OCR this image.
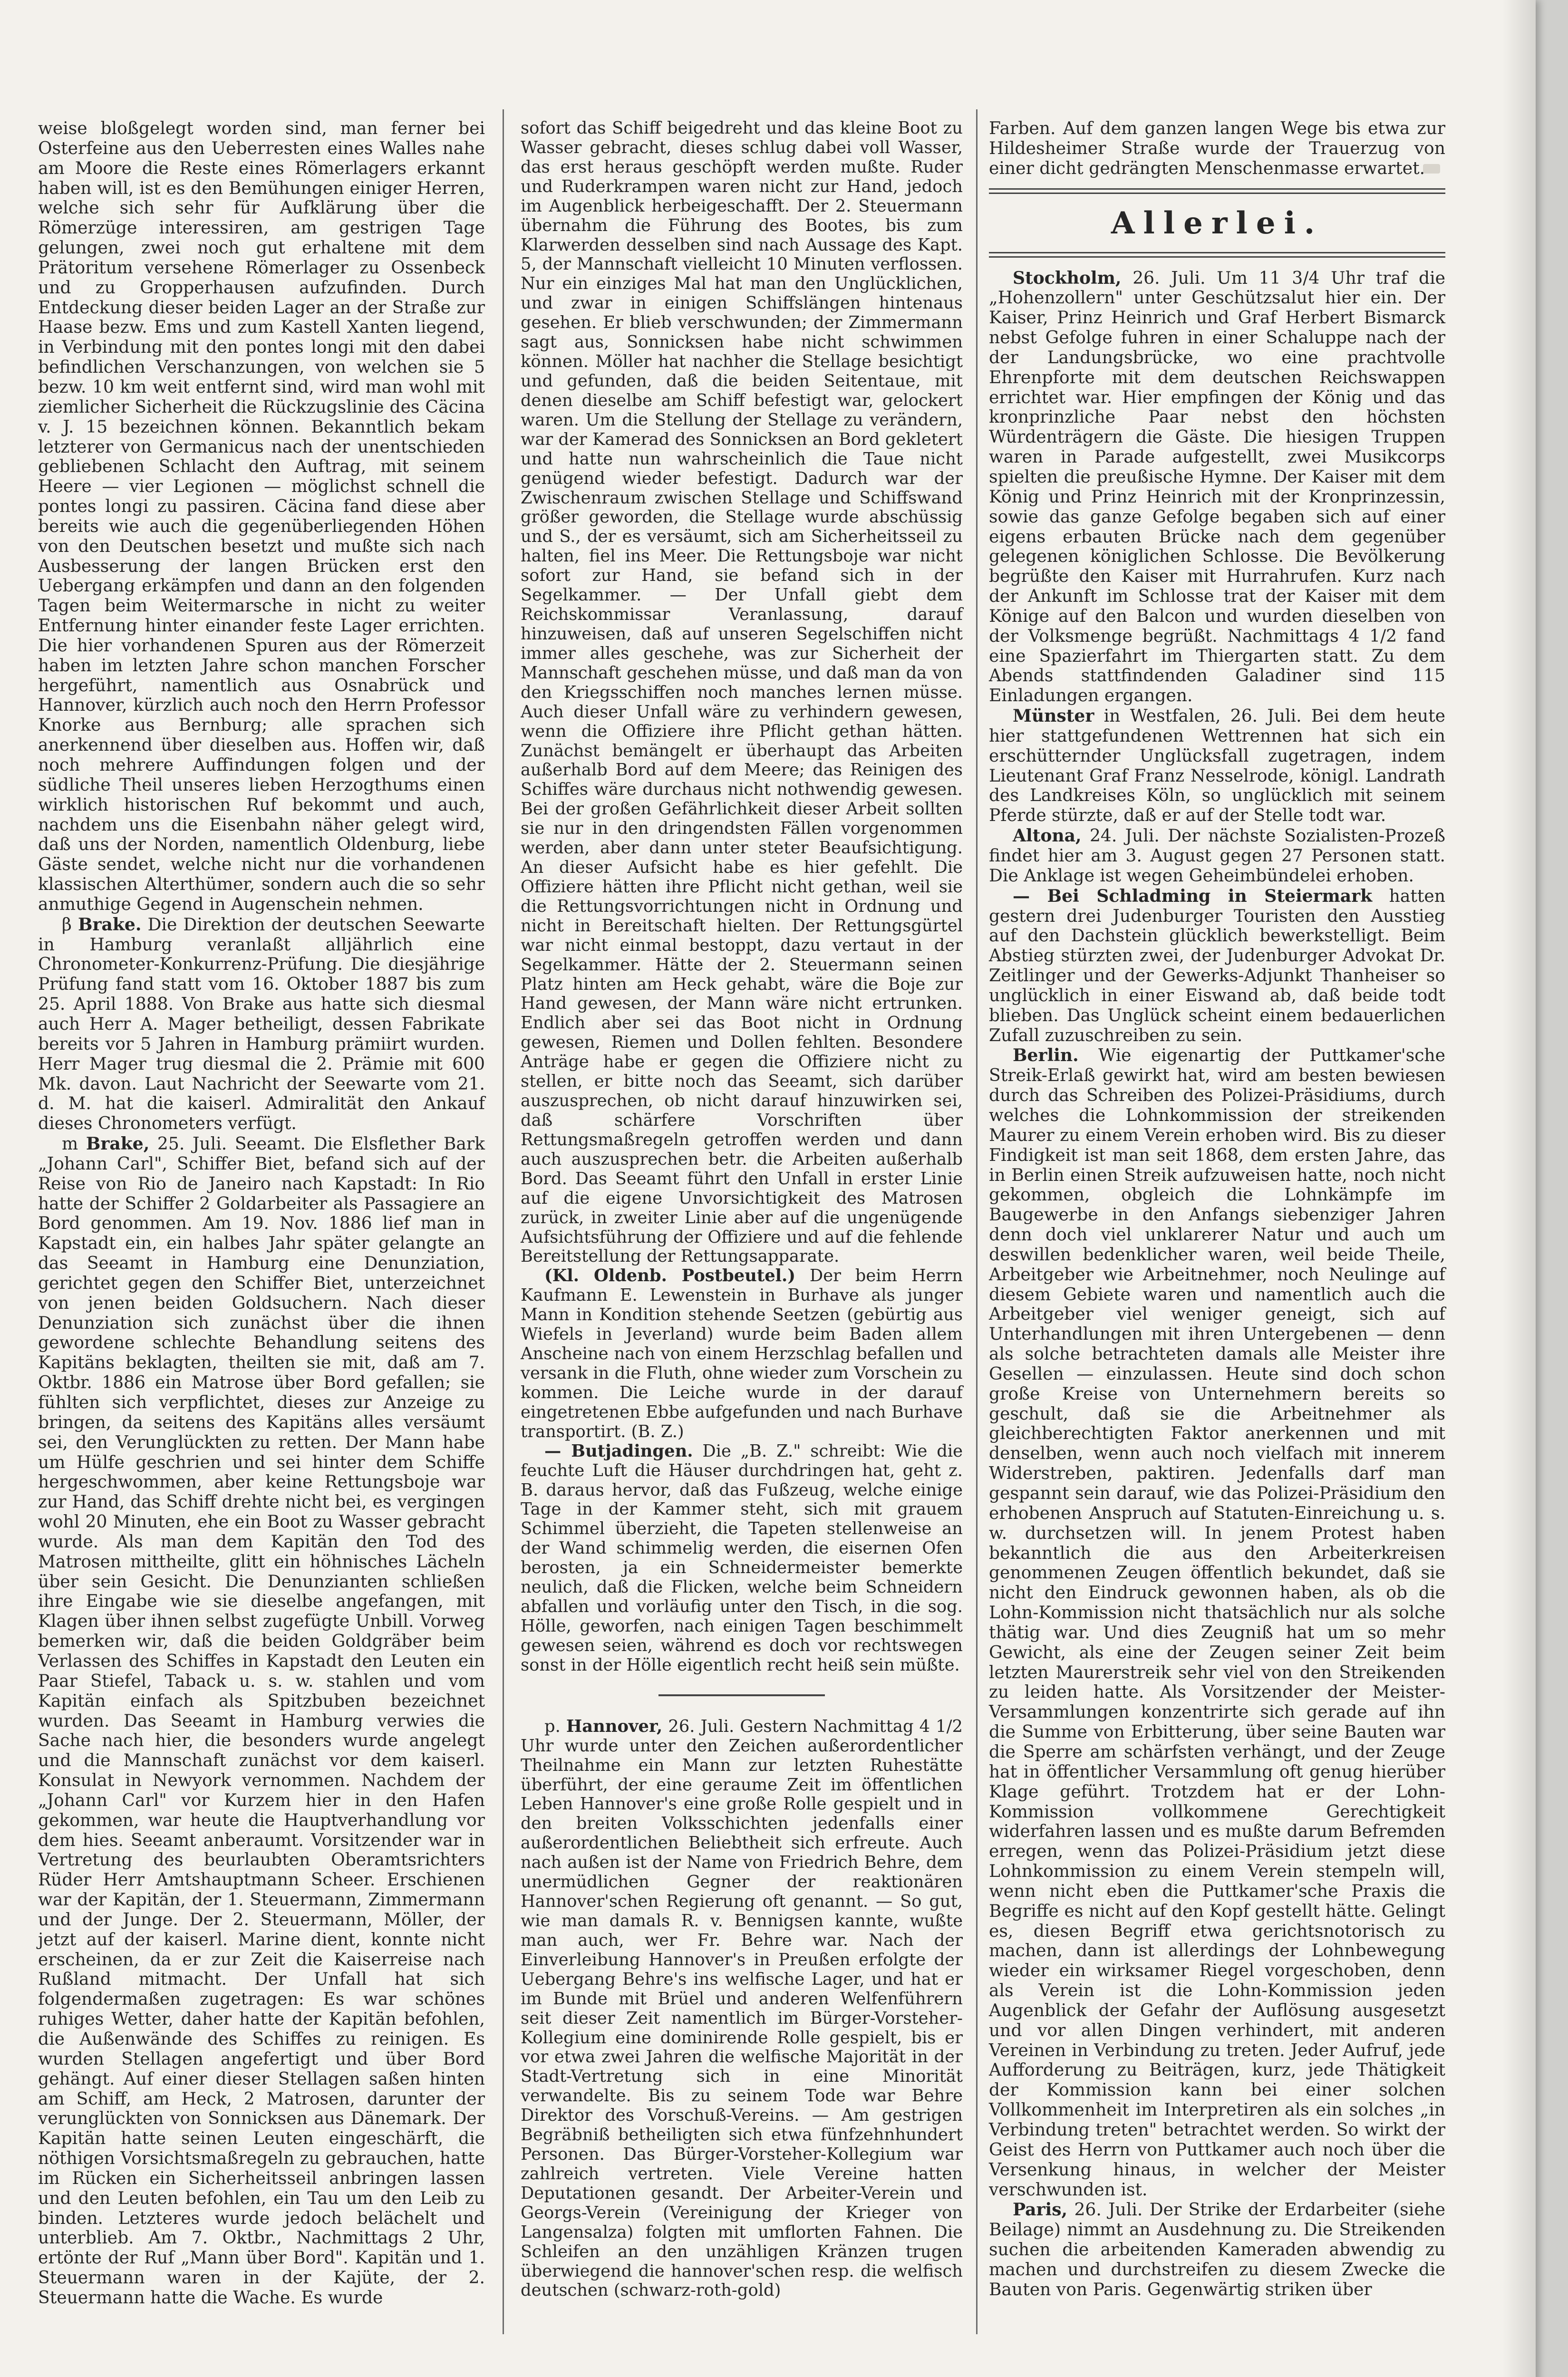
weise bloßgelegt worden sind, man ferner bei Osterfeine aus den Ueberresten eines Walles nahe am Moore die Reste eines Römerlagers erkannt haben will, ist es den Bemühungen einiger Herren, welche sich sehr für Aufklärung über die Römerzüge interessiren, am gestrigen Tage gelungen, zwei noch gut erhaltene mit dem Prätoritum versehene Römerlager zu Ossenbeck und zu Gropperhausen aufzufinden. Durch Entdeckung dieser beiden Lager an der Straße zur Haase bezw. Ems und zum Kastell Xanten liegend, in Verbindung mit den pontes longi mit den dabei befindlichen Verschanzungen, von welchen sie 5 bezw. 10 km weit entfernt sind, wird man wohl mit ziemlicher Sicherheit die Rückzugslinie des Cäcina v. J. 15 bezeichnen können. Bekanntlich bekam letzterer von Germanicus nach der unentschieden gebliebenen Schlacht den Auftrag, mit seinem Heere — vier Legionen — möglichst schnell die pontes longi zu passiren. Cäcina fand diese aber bereits wie auch die gegenüberliegenden Höhen von den Deutschen besetzt und mußte sich nach Ausbesserung der langen Brücken erst den Uebergang erkämpfen und dann an den folgenden Tagen beim Weitermarsche in nicht zu weiter Entfernung hinter einander feste Lager errichten. Die hier vorhandenen Spuren aus der Römerzeit haben im letzten Jahre schon manchen Forscher hergeführt, namentlich aus Osnabrück und Hannover, kürzlich auch noch den Herrn Professor Knorke aus Bernburg; alle sprachen sich anerkennend über dieselben aus. Hoffen wir, daß noch mehrere Auffindungen folgen und der südliche Theil unseres lieben Herzogthums einen wirklich historischen Ruf bekommt und auch, nachdem uns die Eisenbahn näher gelegt wird, daß uns der Norden, namentlich Oldenburg, liebe Gäste sendet, welche nicht nur die vorhandenen klassischen Alterthümer, sondern auch die so sehr anmuthige Gegend in Augenschein nehmen.

β Brake. Die Direktion der deutschen Seewarte in Hamburg veranlaßt alljährlich eine Chronometer-Konkurrenz-Prüfung. Die diesjährige Prüfung fand statt vom 16. Oktober 1887 bis zum 25. April 1888. Von Brake aus hatte sich diesmal auch Herr A. Mager betheiligt, dessen Fabrikate bereits vor 5 Jahren in Hamburg prämiirt wurden. Herr Mager trug diesmal die 2. Prämie mit 600 Mk. davon. Laut Nachricht der Seewarte vom 21. d. M. hat die kaiserl. Admiralität den Ankauf dieses Chronometers verfügt.

m Brake, 25. Juli. Seeamt. Die Elsflether Bark „Johann Carl", Schiffer Biet, befand sich auf der Reise von Rio de Janeiro nach Kapstadt: In Rio hatte der Schiffer 2 Goldarbeiter als Passagiere an Bord genommen. Am 19. Nov. 1886 lief man in Kapstadt ein, ein halbes Jahr später gelangte an das Seeamt in Hamburg eine Denunziation, gerichtet gegen den Schiffer Biet, unterzeichnet von jenen beiden Goldsuchern. Nach dieser Denunziation sich zunächst über die ihnen gewordene schlechte Behandlung seitens des Kapitäns beklagten, theilten sie mit, daß am 7. Oktbr. 1886 ein Matrose über Bord gefallen; sie fühlten sich verpflichtet, dieses zur Anzeige zu bringen, da seitens des Kapitäns alles versäumt sei, den Verunglückten zu retten. Der Mann habe um Hülfe geschrien und sei hinter dem Schiffe hergeschwommen, aber keine Rettungsboje war zur Hand, das Schiff drehte nicht bei, es vergingen wohl 20 Minuten, ehe ein Boot zu Wasser gebracht wurde. Als man dem Kapitän den Tod des Matrosen mittheilte, glitt ein höhnisches Lächeln über sein Gesicht. Die Denunzianten schließen ihre Eingabe wie sie dieselbe angefangen, mit Klagen über ihnen selbst zugefügte Unbill. Vorweg bemerken wir, daß die beiden Goldgräber beim Verlassen des Schiffes in Kapstadt den Leuten ein Paar Stiefel, Taback u. s. w. stahlen und vom Kapitän einfach als Spitzbuben bezeichnet wurden. Das Seeamt in Hamburg verwies die Sache nach hier, die besonders wurde angelegt und die Mannschaft zunächst vor dem kaiserl. Konsulat in Newyork vernommen. Nachdem der „Johann Carl" vor Kurzem hier in den Hafen gekommen, war heute die Hauptverhandlung vor dem hies. Seeamt anberaumt. Vorsitzender war in Vertretung des beurlaubten Oberamtsrichters Rüder Herr Amtshauptmann Scheer. Erschienen war der Kapitän, der 1. Steuermann, Zimmermann und der Junge. Der 2. Steuermann, Möller, der jetzt auf der kaiserl. Marine dient, konnte nicht erscheinen, da er zur Zeit die Kaiserreise nach Rußland mitmacht. Der Unfall hat sich folgendermaßen zugetragen: Es war schönes ruhiges Wetter, daher hatte der Kapitän befohlen, die Außenwände des Schiffes zu reinigen. Es wurden Stellagen angefertigt und über Bord gehängt. Auf einer dieser Stellagen saßen hinten am Schiff, am Heck, 2 Matrosen, darunter der verunglückten von Sonnicksen aus Dänemark. Der Kapitän hatte seinen Leuten eingeschärft, die nöthigen Vorsichtsmaßregeln zu gebrauchen, hatte im Rücken ein Sicherheitsseil anbringen lassen und den Leuten befohlen, ein Tau um den Leib zu binden. Letzteres wurde jedoch belächelt und unterblieb. Am 7. Oktbr., Nachmittags 2 Uhr, ertönte der Ruf „Mann über Bord". Kapitän und 1. Steuermann waren in der Kajüte, der 2. Steuermann hatte die Wache. Es wurde

sofort das Schiff beigedreht und das kleine Boot zu Wasser gebracht, dieses schlug dabei voll Wasser, das erst heraus geschöpft werden mußte. Ruder und Ruderkrampen waren nicht zur Hand, jedoch im Augenblick herbeigeschafft. Der 2. Steuermann übernahm die Führung des Bootes, bis zum Klarwerden desselben sind nach Aussage des Kapt. 5, der Mannschaft vielleicht 10 Minuten verflossen. Nur ein einziges Mal hat man den Unglücklichen, und zwar in einigen Schiffslängen hintenaus gesehen. Er blieb verschwunden; der Zimmermann sagt aus, Sonnicksen habe nicht schwimmen können. Möller hat nachher die Stellage besichtigt und gefunden, daß die beiden Seitentaue, mit denen dieselbe am Schiff befestigt war, gelockert waren. Um die Stellung der Stellage zu verändern, war der Kamerad des Sonnicksen an Bord gekletert und hatte nun wahrscheinlich die Taue nicht genügend wieder befestigt. Dadurch war der Zwischenraum zwischen Stellage und Schiffswand größer geworden, die Stellage wurde abschüssig und S., der es versäumt, sich am Sicherheitsseil zu halten, fiel ins Meer. Die Rettungsboje war nicht sofort zur Hand, sie befand sich in der Segelkammer. — Der Unfall giebt dem Reichskommissar Veranlassung, darauf hinzuweisen, daß auf unseren Segelschiffen nicht immer alles geschehe, was zur Sicherheit der Mannschaft geschehen müsse, und daß man da von den Kriegsschiffen noch manches lernen müsse. Auch dieser Unfall wäre zu verhindern gewesen, wenn die Offiziere ihre Pflicht gethan hätten. Zunächst bemängelt er überhaupt das Arbeiten außerhalb Bord auf dem Meere; das Reinigen des Schiffes wäre durchaus nicht nothwendig gewesen. Bei der großen Gefährlichkeit dieser Arbeit sollten sie nur in den dringendsten Fällen vorgenommen werden, aber dann unter steter Beaufsichtigung. An dieser Aufsicht habe es hier gefehlt. Die Offiziere hätten ihre Pflicht nicht gethan, weil sie die Rettungsvorrichtungen nicht in Ordnung und nicht in Bereitschaft hielten. Der Rettungsgürtel war nicht einmal bestoppt, dazu vertaut in der Segelkammer. Hätte der 2. Steuermann seinen Platz hinten am Heck gehabt, wäre die Boje zur Hand gewesen, der Mann wäre nicht ertrunken. Endlich aber sei das Boot nicht in Ordnung gewesen, Riemen und Dollen fehlten. Besondere Anträge habe er gegen die Offiziere nicht zu stellen, er bitte noch das Seeamt, sich darüber auszusprechen, ob nicht darauf hinzuwirken sei, daß schärfere Vorschriften über Rettungsmaßregeln getroffen werden und dann auch auszusprechen betr. die Arbeiten außerhalb Bord. Das Seeamt führt den Unfall in erster Linie auf die eigene Unvorsichtigkeit des Matrosen zurück, in zweiter Linie aber auf die ungenügende Aufsichtsführung der Offiziere und auf die fehlende Bereitstellung der Rettungsapparate.

(Kl. Oldenb. Postbeutel.) Der beim Herrn Kaufmann E. Lewenstein in Burhave als junger Mann in Kondition stehende Seetzen (gebürtig aus Wiefels in Jeverland) wurde beim Baden allem Anscheine nach von einem Herzschlag befallen und versank in die Fluth, ohne wieder zum Vorschein zu kommen. Die Leiche wurde in der darauf eingetretenen Ebbe aufgefunden und nach Burhave transportirt. (B. Z.)

— Butjadingen. Die „B. Z." schreibt: Wie die feuchte Luft die Häuser durchdringen hat, geht z. B. daraus hervor, daß das Fußzeug, welche einige Tage in der Kammer steht, sich mit grauem Schimmel überzieht, die Tapeten stellenweise an der Wand schimmelig werden, die eisernen Ofen berosten, ja ein Schneidermeister bemerkte neulich, daß die Flicken, welche beim Schneidern abfallen und vorläufig unter den Tisch, in die sog. Hölle, geworfen, nach einigen Tagen beschimmelt gewesen seien, während es doch vor rechtswegen sonst in der Hölle eigentlich recht heiß sein müßte.

p. Hannover, 26. Juli. Gestern Nachmittag 4 1/2 Uhr wurde unter den Zeichen außerordentlicher Theilnahme ein Mann zur letzten Ruhestätte überführt, der eine geraume Zeit im öffentlichen Leben Hannover's eine große Rolle gespielt und in den breiten Volksschichten jedenfalls einer außerordentlichen Beliebtheit sich erfreute. Auch nach außen ist der Name von Friedrich Behre, dem unermüdlichen Gegner der reaktionären Hannover'schen Regierung oft genannt. — So gut, wie man damals R. v. Bennigsen kannte, wußte man auch, wer Fr. Behre war. Nach der Einverleibung Hannover's in Preußen erfolgte der Uebergang Behre's ins welfische Lager, und hat er im Bunde mit Brüel und anderen Welfenführern seit dieser Zeit namentlich im Bürger-Vorsteher-Kollegium eine dominirende Rolle gespielt, bis er vor etwa zwei Jahren die welfische Majorität in der Stadt-Vertretung sich in eine Minorität verwandelte. Bis zu seinem Tode war Behre Direktor des Vorschuß-Vereins. — Am gestrigen Begräbniß betheiligten sich etwa fünfzehnhundert Personen. Das Bürger-Vorsteher-Kollegium war zahlreich vertreten. Viele Vereine hatten Deputationen gesandt. Der Arbeiter-Verein und Georgs-Verein (Vereinigung der Krieger von Langensalza) folgten mit umflorten Fahnen. Die Schleifen an den unzähligen Kränzen trugen überwiegend die hannover'schen resp. die welfisch deutschen (schwarz-roth-gold)

Farben. Auf dem ganzen langen Wege bis etwa zur Hildesheimer Straße wurde der Trauerzug von einer dicht gedrängten Menschenmasse erwartet.

Allerlei.

Stockholm, 26. Juli. Um 11 3/4 Uhr traf die „Hohenzollern" unter Geschützsalut hier ein. Der Kaiser, Prinz Heinrich und Graf Herbert Bismarck nebst Gefolge fuhren in einer Schaluppe nach der der Landungsbrücke, wo eine prachtvolle Ehrenpforte mit dem deutschen Reichswappen errichtet war. Hier empfingen der König und das kronprinzliche Paar nebst den höchsten Würdenträgern die Gäste. Die hiesigen Truppen waren in Parade aufgestellt, zwei Musikcorps spielten die preußische Hymne. Der Kaiser mit dem König und Prinz Heinrich mit der Kronprinzessin, sowie das ganze Gefolge begaben sich auf einer eigens erbauten Brücke nach dem gegenüber gelegenen königlichen Schlosse. Die Bevölkerung begrüßte den Kaiser mit Hurrahrufen. Kurz nach der Ankunft im Schlosse trat der Kaiser mit dem Könige auf den Balcon und wurden dieselben von der Volksmenge begrüßt. Nachmittags 4 1/2 fand eine Spazierfahrt im Thiergarten statt. Zu dem Abends stattfindenden Galadiner sind 115 Einladungen ergangen.

Münster in Westfalen, 26. Juli. Bei dem heute hier stattgefundenen Wettrennen hat sich ein erschütternder Unglücksfall zugetragen, indem Lieutenant Graf Franz Nesselrode, königl. Landrath des Landkreises Köln, so unglücklich mit seinem Pferde stürzte, daß er auf der Stelle todt war.

Altona, 24. Juli. Der nächste Sozialisten-Prozeß findet hier am 3. August gegen 27 Personen statt. Die Anklage ist wegen Geheimbündelei erhoben.

— Bei Schladming in Steiermark hatten gestern drei Judenburger Touristen den Ausstieg auf den Dachstein glücklich bewerkstelligt. Beim Abstieg stürzten zwei, der Judenburger Advokat Dr. Zeitlinger und der Gewerks-Adjunkt Thanheiser so unglücklich in einer Eiswand ab, daß beide todt blieben. Das Unglück scheint einem bedauerlichen Zufall zuzuschreiben zu sein.

Berlin. Wie eigenartig der Puttkamer'sche Streik-Erlaß gewirkt hat, wird am besten bewiesen durch das Schreiben des Polizei-Präsidiums, durch welches die Lohnkommission der streikenden Maurer zu einem Verein erhoben wird. Bis zu dieser Findigkeit ist man seit 1868, dem ersten Jahre, das in Berlin einen Streik aufzuweisen hatte, noch nicht gekommen, obgleich die Lohnkämpfe im Baugewerbe in den Anfangs siebenziger Jahren denn doch viel unklarerer Natur und auch um deswillen bedenklicher waren, weil beide Theile, Arbeitgeber wie Arbeitnehmer, noch Neulinge auf diesem Gebiete waren und namentlich auch die Arbeitgeber viel weniger geneigt, sich auf Unterhandlungen mit ihren Untergebenen — denn als solche betrachteten damals alle Meister ihre Gesellen — einzulassen. Heute sind doch schon große Kreise von Unternehmern bereits so geschult, daß sie die Arbeitnehmer als gleichberechtigten Faktor anerkennen und mit denselben, wenn auch noch vielfach mit innerem Widerstreben, paktiren. Jedenfalls darf man gespannt sein darauf, wie das Polizei-Präsidium den erhobenen Anspruch auf Statuten-Einreichung u. s. w. durchsetzen will. In jenem Protest haben bekanntlich die aus den Arbeiterkreisen genommenen Zeugen öffentlich bekundet, daß sie nicht den Eindruck gewonnen haben, als ob die Lohn-Kommission nicht thatsächlich nur als solche thätig war. Und dies Zeugniß hat um so mehr Gewicht, als eine der Zeugen seiner Zeit beim letzten Maurerstreik sehr viel von den Streikenden zu leiden hatte. Als Vorsitzender der Meister-Versammlungen konzentrirte sich gerade auf ihn die Summe von Erbitterung, über seine Bauten war die Sperre am schärfsten verhängt, und der Zeuge hat in öffentlicher Versammlung oft genug hierüber Klage geführt. Trotzdem hat er der Lohn-Kommission vollkommene Gerechtigkeit widerfahren lassen und es mußte darum Befremden erregen, wenn das Polizei-Präsidium jetzt diese Lohnkommission zu einem Verein stempeln will, wenn nicht eben die Puttkamer'sche Praxis die Begriffe es nicht auf den Kopf gestellt hätte. Gelingt es, diesen Begriff etwa gerichtsnotorisch zu machen, dann ist allerdings der Lohnbewegung wieder ein wirksamer Riegel vorgeschoben, denn als Verein ist die Lohn-Kommission jeden Augenblick der Gefahr der Auflösung ausgesetzt und vor allen Dingen verhindert, mit anderen Vereinen in Verbindung zu treten. Jeder Aufruf, jede Aufforderung zu Beiträgen, kurz, jede Thätigkeit der Kommission kann bei einer solchen Vollkommenheit im Interpretiren als ein solches „in Verbindung treten" betrachtet werden. So wirkt der Geist des Herrn von Puttkamer auch noch über die Versenkung hinaus, in welcher der Meister verschwunden ist.

Paris, 26. Juli. Der Strike der Erdarbeiter (siehe Beilage) nimmt an Ausdehnung zu. Die Streikenden suchen die arbeitenden Kameraden abwendig zu machen und durchstreifen zu diesem Zwecke die Bauten von Paris. Gegenwärtig striken über
